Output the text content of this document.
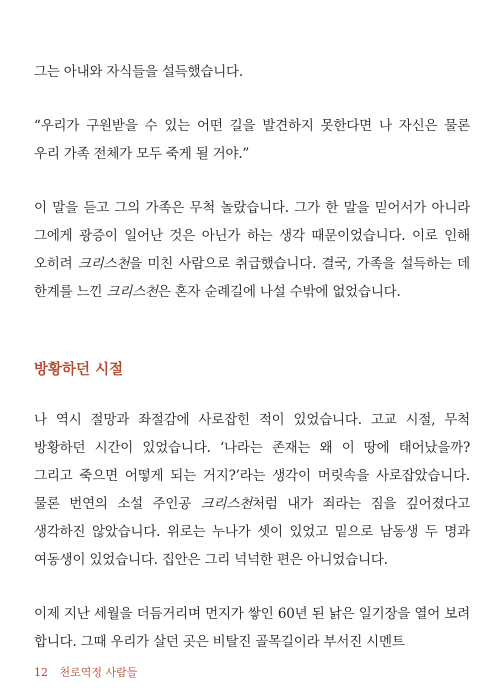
그는 아내와 자식들을 설득했습니다.

“우리가 구원받을 수 있는 어떤 길을 발견하지 못한다면 나 자신은 물론 우리 가족 전체가 모두 죽게 될 거야.”

이 말을 듣고 그의 가족은 무척 놀랐습니다. 그가 한 말을 믿어서가 아니라 그에게 광증이 일어난 것은 아닌가 하는 생각 때문이었습니다. 이로 인해 오히려 크리스천을 미친 사람으로 취급했습니다. 결국, 가족을 설득하는 데 한계를 느낀 크리스천은 혼자 순례길에 나설 수밖에 없었습니다.

방황하던 시절

나 역시 절망과 좌절감에 사로잡힌 적이 있었습니다. 고교 시절, 무척 방황하던 시간이 있었습니다. ‘나라는 존재는 왜 이 땅에 태어났을까? 그리고 죽으면 어떻게 되는 거지?’라는 생각이 머릿속을 사로잡았습니다. 물론 번연의 소설 주인공 크리스천처럼 내가 죄라는 짐을 깊어졌다고 생각하진 않았습니다. 위로는 누나가 셋이 있었고 밑으로 남동생 두 명과 여동생이 있었습니다. 집안은 그리 넉넉한 편은 아니었습니다.

이제 지난 세월을 더듬거리며 먼지가 쌓인 60년 된 낡은 일기장을 열어 보려 합니다. 그때 우리가 살던 곳은 비탈진 골목길이라 부서진 시멘트

12 천로역정 사람들
